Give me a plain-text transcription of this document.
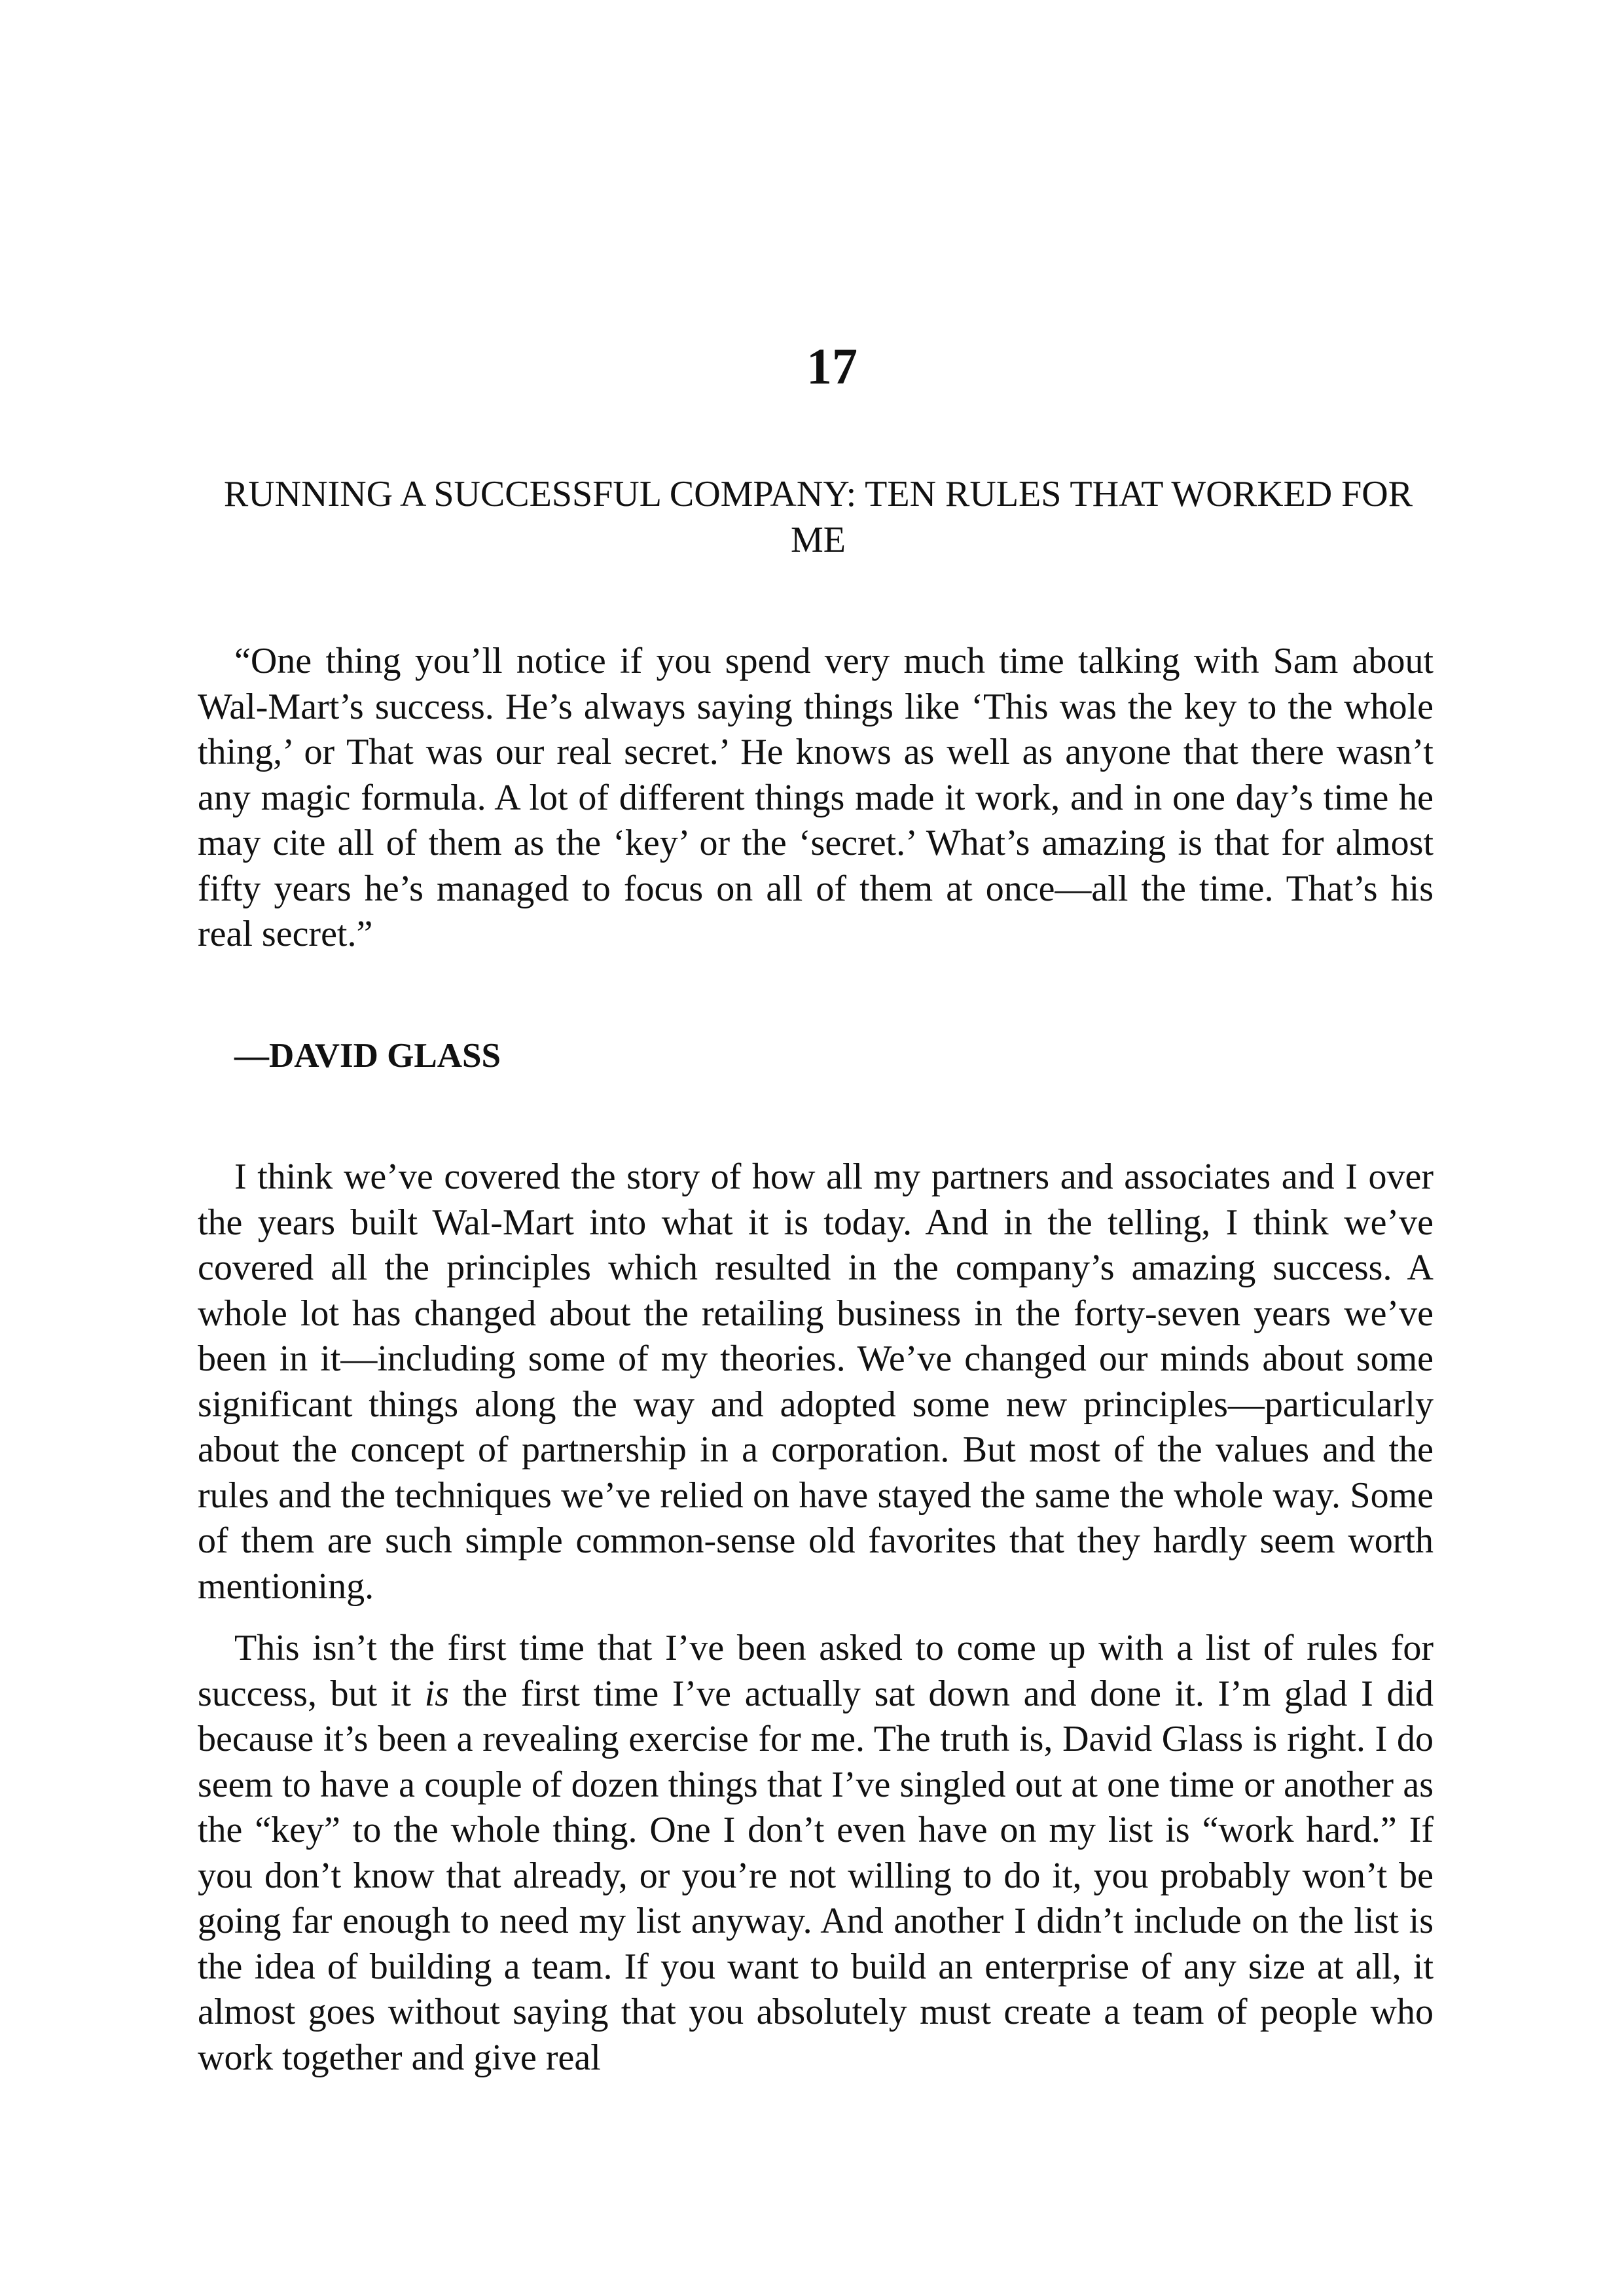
17
RUNNING A SUCCESSFUL COMPANY: TEN RULES THAT WORKED FOR ME

“One thing you’ll notice if you spend very much time talking with Sam about Wal-Mart’s success. He’s always saying things like ‘This was the key to the whole thing,’ or That was our real secret.’ He knows as well as anyone that there wasn’t any magic formula. A lot of different things made it work, and in one day’s time he may cite all of them as the ‘key’ or the ‘secret.’ What’s amazing is that for almost fifty years he’s managed to focus on all of them at once—all the time. That’s his real secret.”

—DAVID GLASS

I think we’ve covered the story of how all my partners and associates and I over the years built Wal-Mart into what it is today. And in the telling, I think we’ve covered all the principles which resulted in the company’s amazing success. A whole lot has changed about the retailing business in the forty-seven years we’ve been in it—including some of my theories. We’ve changed our minds about some significant things along the way and adopted some new principles—particularly about the concept of partnership in a corporation. But most of the values and the rules and the techniques we’ve relied on have stayed the same the whole way. Some of them are such simple common-sense old favorites that they hardly seem worth mentioning.

This isn’t the first time that I’ve been asked to come up with a list of rules for success, but it is the first time I’ve actually sat down and done it. I’m glad I did because it’s been a revealing exercise for me. The truth is, David Glass is right. I do seem to have a couple of dozen things that I’ve singled out at one time or another as the “key” to the whole thing. One I don’t even have on my list is “work hard.” If you don’t know that already, or you’re not willing to do it, you probably won’t be going far enough to need my list anyway. And another I didn’t include on the list is the idea of building a team. If you want to build an enterprise of any size at all, it almost goes without saying that you absolutely must create a team of people who work together and give real
